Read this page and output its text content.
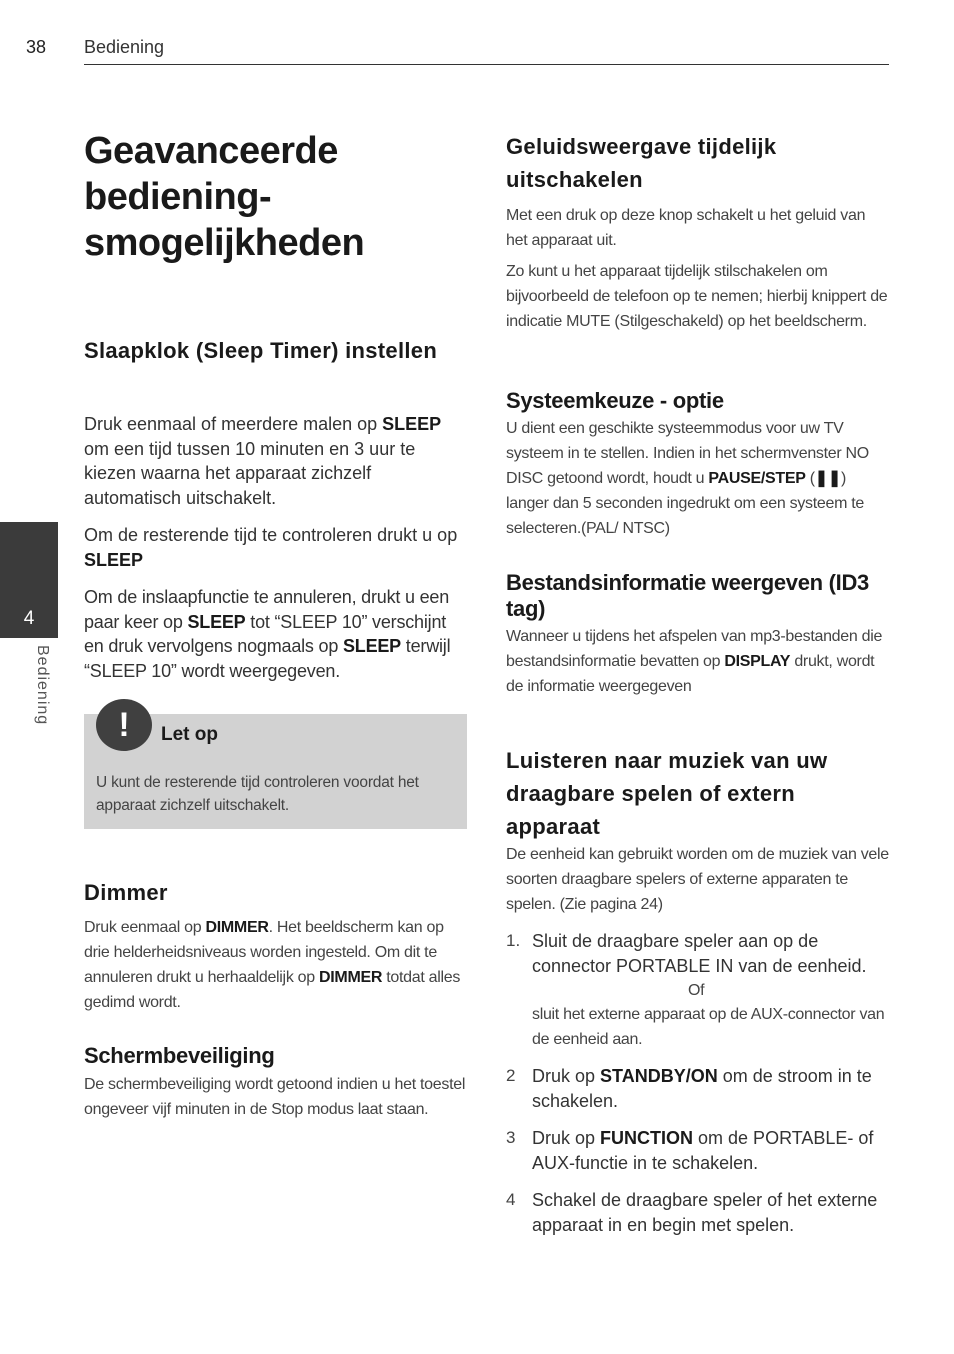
38 Bediening
4
Bediening
Geavanceerde bediening-smogelijkheden
Slaapklok (Sleep Timer) instellen

Druk eenmaal of meerdere malen op SLEEP om een tijd tussen 10 minuten en 3 uur te kiezen waarna het apparaat zichzelf automatisch uitschakelt.

Om de resterende tijd te controleren drukt u op SLEEP

Om de inslaapfunctie te annuleren, drukt u een paar keer op SLEEP tot “SLEEP 10” verschijnt en druk vervolgens nogmaals op SLEEP terwijl “SLEEP 10” wordt weergegeven.

!	Let op

U kunt de resterende tijd controleren voordat het apparaat zichzelf uitschakelt.

Dimmer

Druk eenmaal op DIMMER. Het beeldscherm kan op drie helderheidsniveaus worden ingesteld. Om dit te annuleren drukt u herhaaldelijk op DIMMER totdat alles gedimd wordt.

Schermbeveiliging

De schermbeveiliging wordt getoond indien u het toestel ongeveer vijf minuten in de Stop modus laat staan.

Geluidsweergave tijdelijk uitschakelen

Met een druk op deze knop schakelt u het geluid van het apparaat uit.

Zo kunt u het apparaat tijdelijk stilschakelen om bijvoorbeeld de telefoon op te nemen; hierbij knippert de indicatie MUTE (Stilgeschakeld) op het beeldscherm.

Systeemkeuze - optie

U dient een geschikte systeemmodus voor uw TV systeem in te stellen. Indien in het schermvenster NO DISC getoond wordt, houdt u PAUSE/STEP (❚❚) langer dan 5 seconden ingedrukt om een systeem te selecteren.(PAL/ NTSC)

Bestandsinformatie weergeven (ID3 tag)

Wanneer u tijdens het afspelen van mp3-bestanden die bestandsinformatie bevatten op DISPLAY drukt, wordt de informatie weergegeven

Luisteren naar muziek van uw draagbare spelen of extern apparaat

De eenheid kan gebruikt worden om de muziek van vele soorten draagbare spelers of externe apparaten te spelen. (Zie pagina 24)

1. Sluit de draagbare speler aan op de connector PORTABLE IN van de eenheid.

Of

sluit het externe apparaat op de AUX-connector van de eenheid aan.

2 Druk op STANDBY/ON om de stroom in te schakelen.

3 Druk op FUNCTION om de PORTABLE- of AUX-functie in te schakelen.

4 Schakel de draagbare speler of het externe apparaat in en begin met spelen.
